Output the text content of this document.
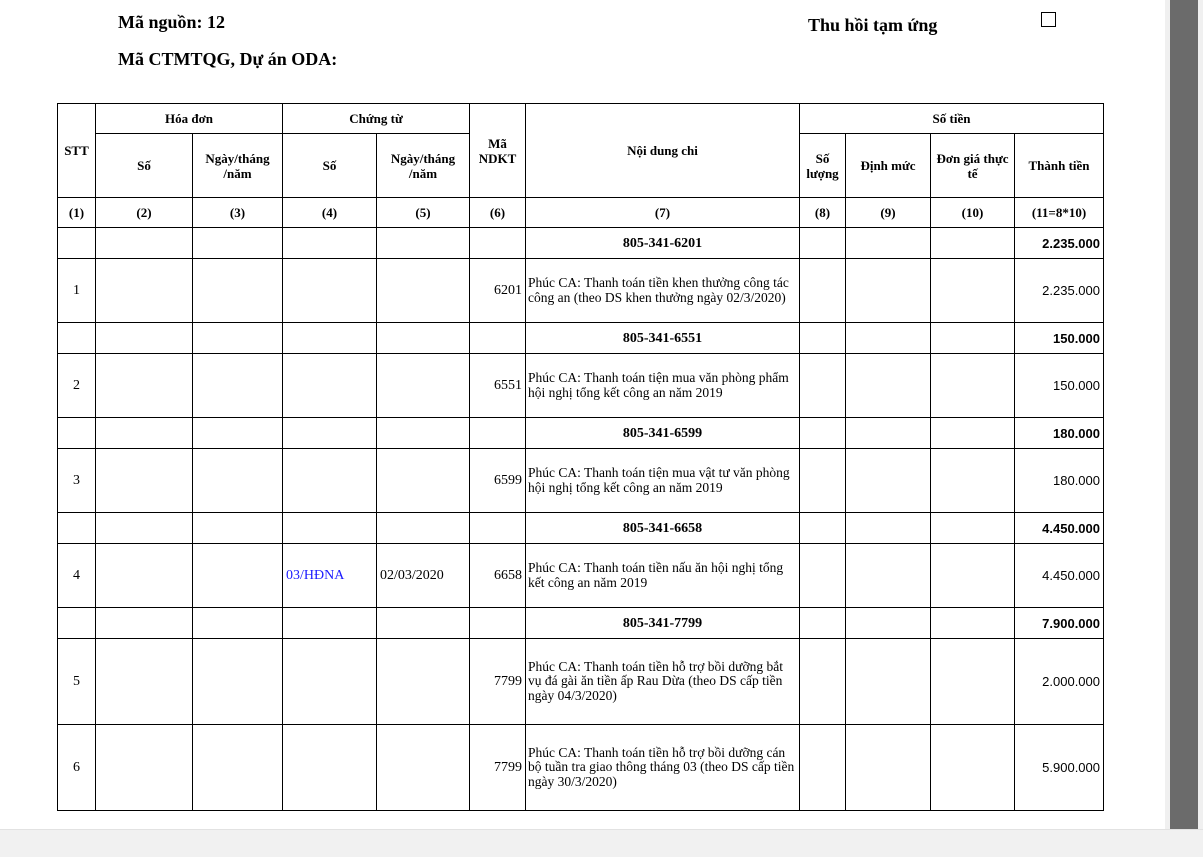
Mã nguồn: 12
Mã CTMTQG, Dự án ODA:
Thu hồi tạm ứng
STT	Hóa đơn		Chứng từ		Mã NDKT	Nội dung chi	Số tiền			
	Số	Ngày/tháng /năm	Số	Ngày/tháng /năm			Số lượng	Định mức	Đơn giá thực tế	Thành tiền
(1)	(2)	(3)	(4)	(5)	(6)	(7)	(8)	(9)	(10)	(11=8*10)
						805-341-6201				2.235.000
1					6201	Phúc CA: Thanh toán tiền khen thưởng công tác công an (theo DS khen thưởng ngày 02/3/2020)				2.235.000
						805-341-6551				150.000
2					6551	Phúc CA: Thanh toán tiện mua văn phòng phẩm hội nghị tổng kết công an năm 2019				150.000
						805-341-6599				180.000
3					6599	Phúc CA: Thanh toán tiện mua vật tư văn phòng hội nghị tổng kết công an năm 2019				180.000
						805-341-6658				4.450.000
4			03/HĐNA	02/03/2020	6658	Phúc CA: Thanh toán tiền nấu ăn hội nghị tổng kết công an năm 2019				4.450.000
						805-341-7799				7.900.000
5					7799	Phúc CA: Thanh toán tiền hỗ trợ bồi dưỡng bắt vụ đá gài ăn tiền ấp Rau Dừa (theo DS cấp tiền ngày 04/3/2020)				2.000.000
6					7799	Phúc CA: Thanh toán tiền hỗ trợ bồi dưỡng cán bộ tuần tra giao thông tháng 03 (theo DS cấp tiền ngày 30/3/2020)				5.900.000
